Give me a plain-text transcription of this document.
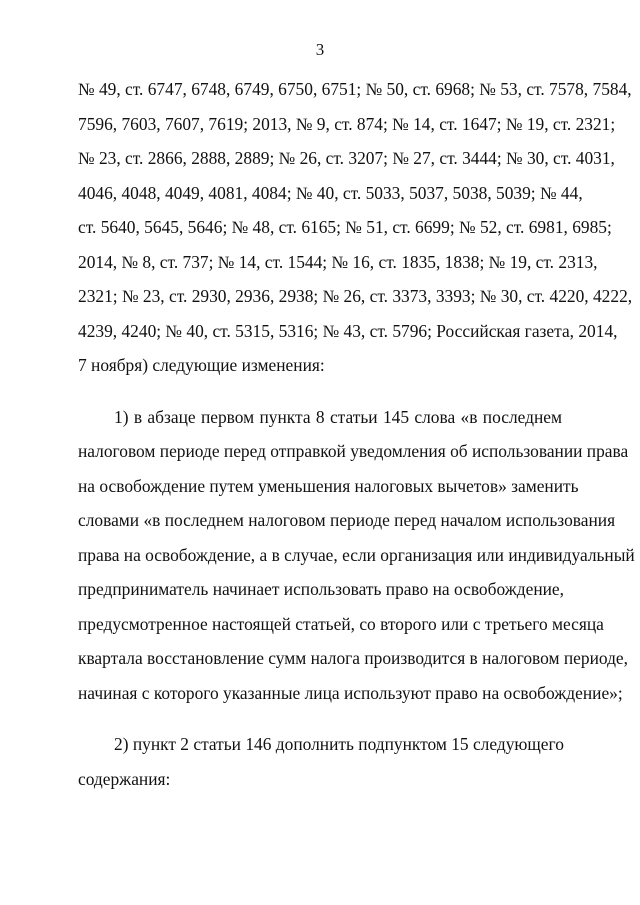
3
№ 49, ст. 6747, 6748, 6749, 6750, 6751; № 50, ст. 6968; № 53, ст. 7578, 7584,
7596, 7603, 7607, 7619; 2013, № 9, ст. 874; № 14, ст. 1647; № 19, ст. 2321;
№ 23, ст. 2866, 2888, 2889; № 26, ст. 3207; № 27, ст. 3444; № 30, ст. 4031,
4046, 4048, 4049, 4081, 4084; № 40, ст. 5033, 5037, 5038, 5039; № 44,
ст. 5640, 5645, 5646; № 48, ст. 6165; № 51, ст. 6699; № 52, ст. 6981, 6985;
2014, № 8, ст. 737; № 14, ст. 1544; № 16, ст. 1835, 1838; № 19, ст. 2313,
2321; № 23, ст. 2930, 2936, 2938; № 26, ст. 3373, 3393; № 30, ст. 4220, 4222,
4239, 4240; № 40, ст. 5315, 5316; № 43, ст. 5796; Российская газета, 2014,
7 ноября) следующие изменения:
1) в абзаце первом пункта 8 статьи 145 слова «в последнем
налоговом периоде перед отправкой уведомления об использовании права
на освобождение путем уменьшения налоговых вычетов» заменить
словами «в последнем налоговом периоде перед началом использования
права на освобождение, а в случае, если организация или индивидуальный
предприниматель начинает использовать право на освобождение,
предусмотренное настоящей статьей, со второго или с третьего месяца
квартала восстановление сумм налога производится в налоговом периоде,
начиная с которого указанные лица используют право на освобождение»;
2) пункт 2 статьи 146 дополнить подпунктом 15 следующего
содержания:
